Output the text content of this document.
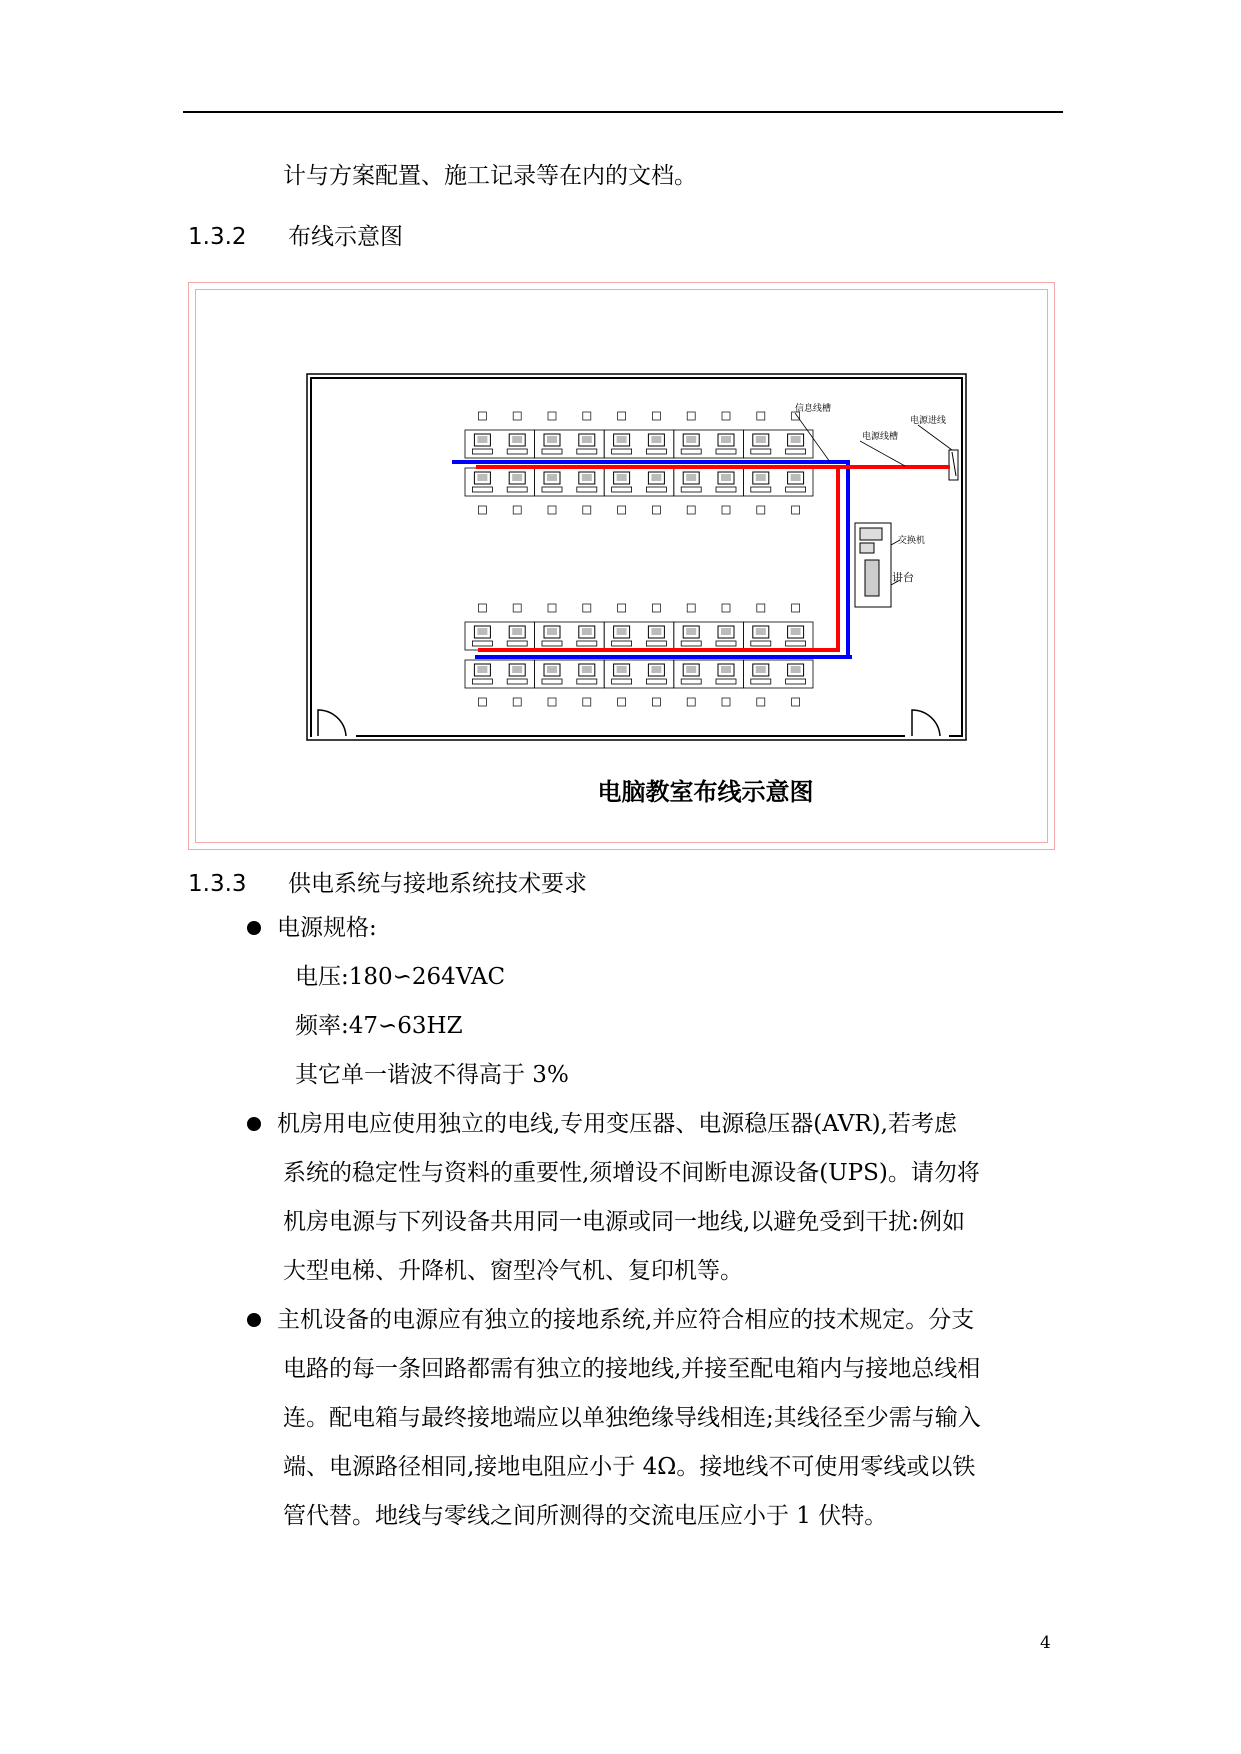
计与方案配置、施工记录等在内的文档。
1.3.2 布线示意图
交换机
讲台
信息线槽
电源线槽
电源进线
电脑教室布线示意图
1.3.3 供电系统与接地系统技术要求
电源规格:
电压:180∽264VAC
频率:47∽63HZ
其它单一谐波不得高于 3%
机房用电应使用独立的电线,专用变压器、电源稳压器(AVR),若考虑
系统的稳定性与资料的重要性,须增设不间断电源设备(UPS)。请勿将
机房电源与下列设备共用同一电源或同一地线,以避免受到干扰:例如
大型电梯、升降机、窗型冷气机、复印机等。
主机设备的电源应有独立的接地系统,并应符合相应的技术规定。分支
电路的每一条回路都需有独立的接地线,并接至配电箱内与接地总线相
连。配电箱与最终接地端应以单独绝缘导线相连;其线径至少需与输入
端、电源路径相同,接地电阻应小于 4Ω。接地线不可使用零线或以铁
管代替。地线与零线之间所测得的交流电压应小于 1 伏特。
4
